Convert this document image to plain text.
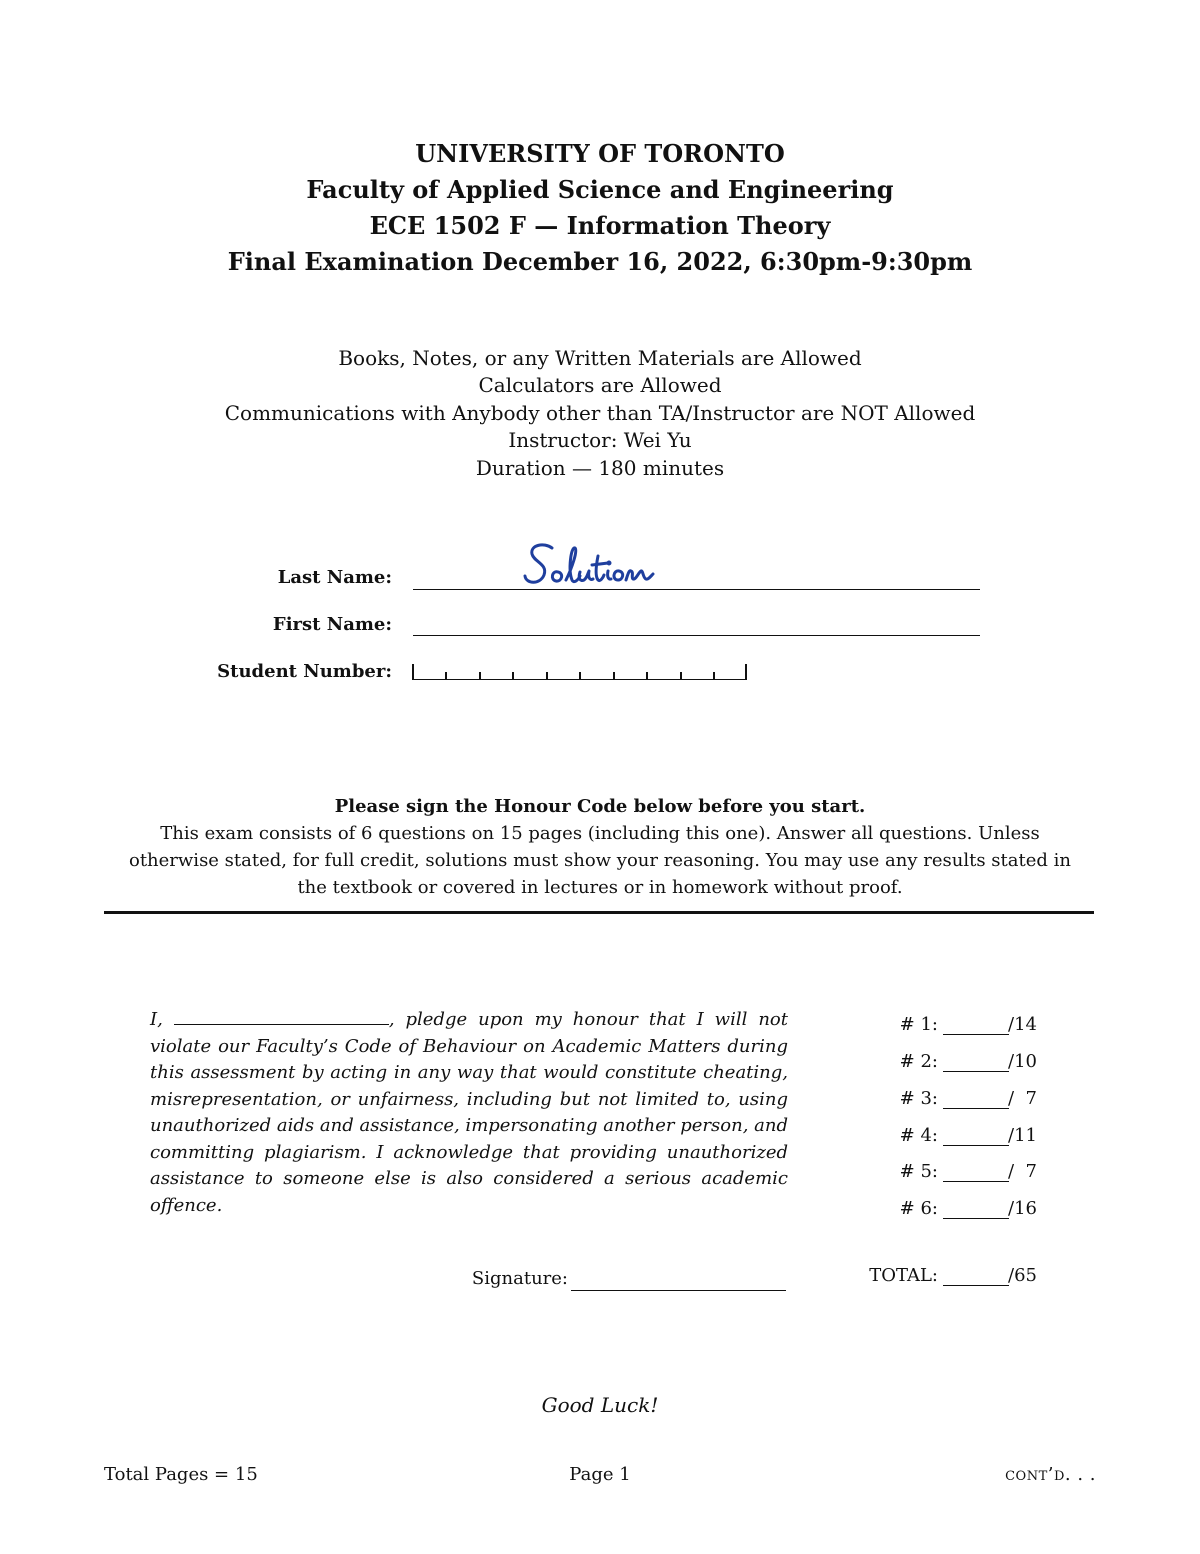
UNIVERSITY OF TORONTO
Faculty of Applied Science and Engineering
ECE 1502 F — Information Theory
Final Examination December 16, 2022, 6:30pm-9:30pm
Books, Notes, or any Written Materials are Allowed
Calculators are Allowed
Communications with Anybody other than TA/Instructor are NOT Allowed
Instructor: Wei Yu
Duration — 180 minutes
Last Name:
First Name:
Student Number:
Please sign the Honour Code below before you start.
This exam consists of 6 questions on 15 pages (including this one). Answer all questions. Unless
otherwise stated, for full credit, solutions must show your reasoning. You may use any results stated in
the textbook or covered in lectures or in homework without proof.
I,	, pledge upon my honour that I will not violate our Faculty’s Code of Behaviour on Academic Matters during this assessment by acting in any way that would constitute cheating, misrepresentation, or unfairness, including but not limited to, using unauthorized aids and assistance, impersonating another person, and committing plagiarism. I acknowledge that providing unauthorized assistance to someone else is also considered a serious academic offence.
# 1:	/14
# 2:	/10
# 3:	/  7
# 4:	/11
# 5:	/  7
# 6:	/16
TOTAL:	/65
Signature:
Good Luck!
Total Pages = 15	Page 1	cont’d. . .
